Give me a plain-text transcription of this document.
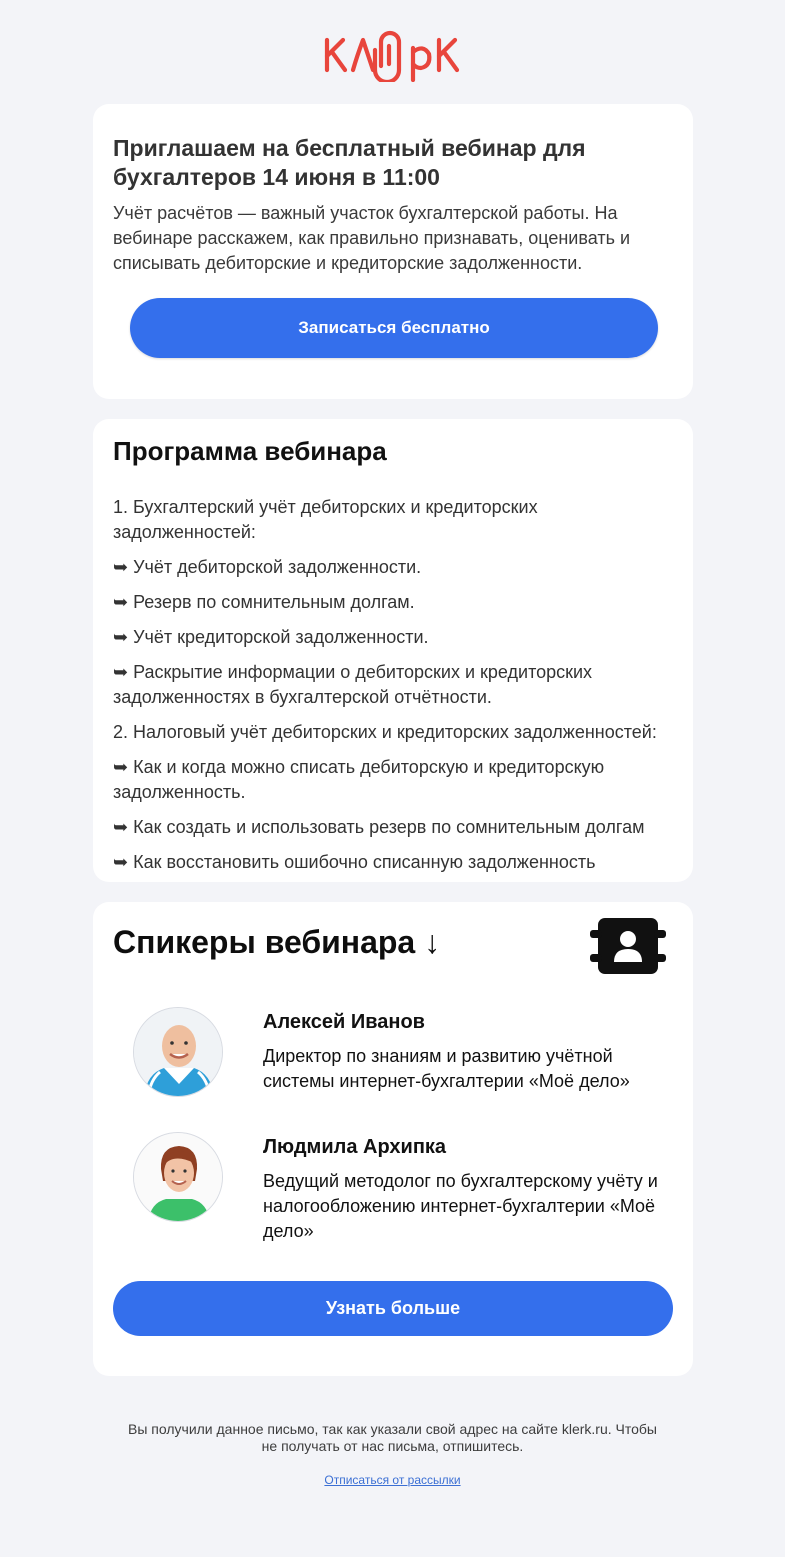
Приглашаем на бесплатный вебинар для бухгалтеров 14 июня в 11:00
Учёт расчётов — важный участок бухгалтерской работы. На вебинаре расскажем, как правильно признавать, оценивать и списывать дебиторские и кредиторские задолженности.
Записаться бесплатно
Программа вебинара
1. Бухгалтерский учёт дебиторских и кредиторских задолженностей:
➥ Учёт дебиторской задолженности.
➥ Резерв по сомнительным долгам.
➥ Учёт кредиторской задолженности.
➥ Раскрытие информации о дебиторских и кредиторских задолженностях в бухгалтерской отчётности.
2. Налоговый учёт дебиторских и кредиторских задолженностей:
➥ Как и когда можно списать дебиторскую и кредиторскую задолженность.
➥ Как создать и использовать резерв по сомнительным долгам
➥ Как восстановить ошибочно списанную задолженность
Спикеры вебинара ↓
Алексей Иванов
Директор по знаниям и развитию учётной системы интернет-бухгалтерии «Моё дело»
Людмила Архипка
Ведущий методолог по бухгалтерскому учёту и налогообложению интернет-бухгалтерии «Моё дело»
Узнать больше
Вы получили данное письмо, так как указали свой адрес на сайте klerk.ru. Чтобы не получать от нас письма, отпишитесь.
Отписаться от рассылки
